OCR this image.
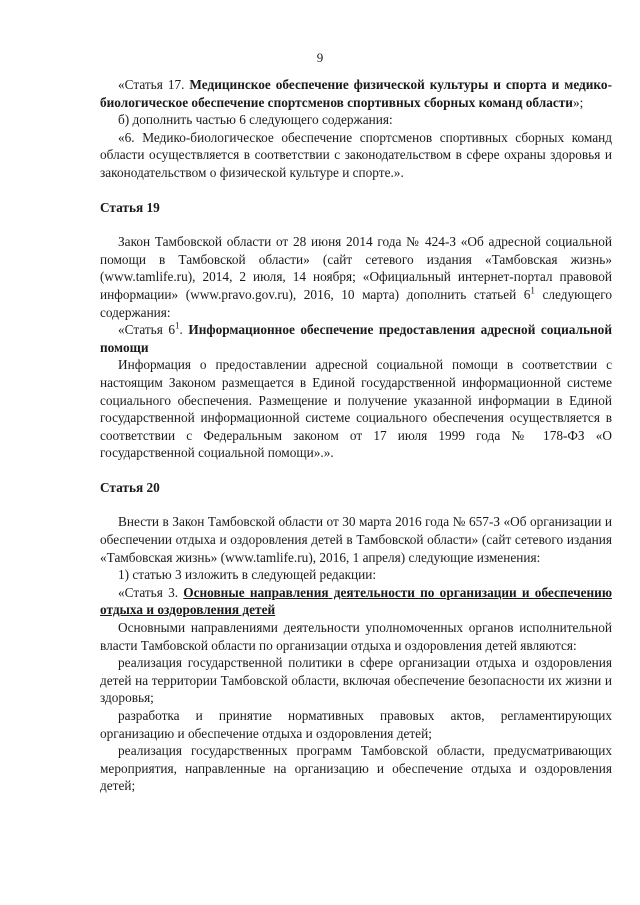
9

«Статья 17. Медицинское обеспечение физической культуры и спорта и медико-биологическое обеспечение спортсменов спортивных сборных команд области»;

б) дополнить частью 6 следующего содержания:

«6. Медико-биологическое обеспечение спортсменов спортивных сборных команд области осуществляется в соответствии с законодательством в сфере охраны здоровья и законодательством о физической культуре и спорте.».

Статья 19

Закон Тамбовской области от 28 июня 2014 года № 424-З «Об адресной социальной помощи в Тамбовской области» (сайт сетевого издания «Тамбовская жизнь» (www.tamlife.ru), 2014, 2 июля, 14 ноября; «Официальный интернет-портал правовой информации» (www.pravo.gov.ru), 2016, 10 марта) дополнить статьей $6^1$ следующего содержания:

«Статья $6^1$. Информационное обеспечение предоставления адресной социальной помощи

Информация о предоставлении адресной социальной помощи в соответствии с настоящим Законом размещается в Единой государственной информационной системе социального обеспечения. Размещение и получение указанной информации в Единой государственной информационной системе социального обеспечения осуществляется в соответствии с Федеральным законом от 17 июля 1999 года № 178-ФЗ «О государственной социальной помощи».».

Статья 20

Внести в Закон Тамбовской области от 30 марта 2016 года № 657-З «Об организации и обеспечении отдыха и оздоровления детей в Тамбовской области» (сайт сетевого издания «Тамбовская жизнь» (www.tamlife.ru), 2016, 1 апреля) следующие изменения:

1) статью 3 изложить в следующей редакции:

«Статья 3. Основные направления деятельности по организации и обеспечению отдыха и оздоровления детей

Основными направлениями деятельности уполномоченных органов исполнительной власти Тамбовской области по организации отдыха и оздоровления детей являются:

реализация государственной политики в сфере организации отдыха и оздоровления детей на территории Тамбовской области, включая обеспечение безопасности их жизни и здоровья;

разработка и принятие нормативных правовых актов, регламентирующих организацию и обеспечение отдыха и оздоровления детей;

реализация государственных программ Тамбовской области, предусматривающих мероприятия, направленные на организацию и обеспечение отдыха и оздоровления детей;
